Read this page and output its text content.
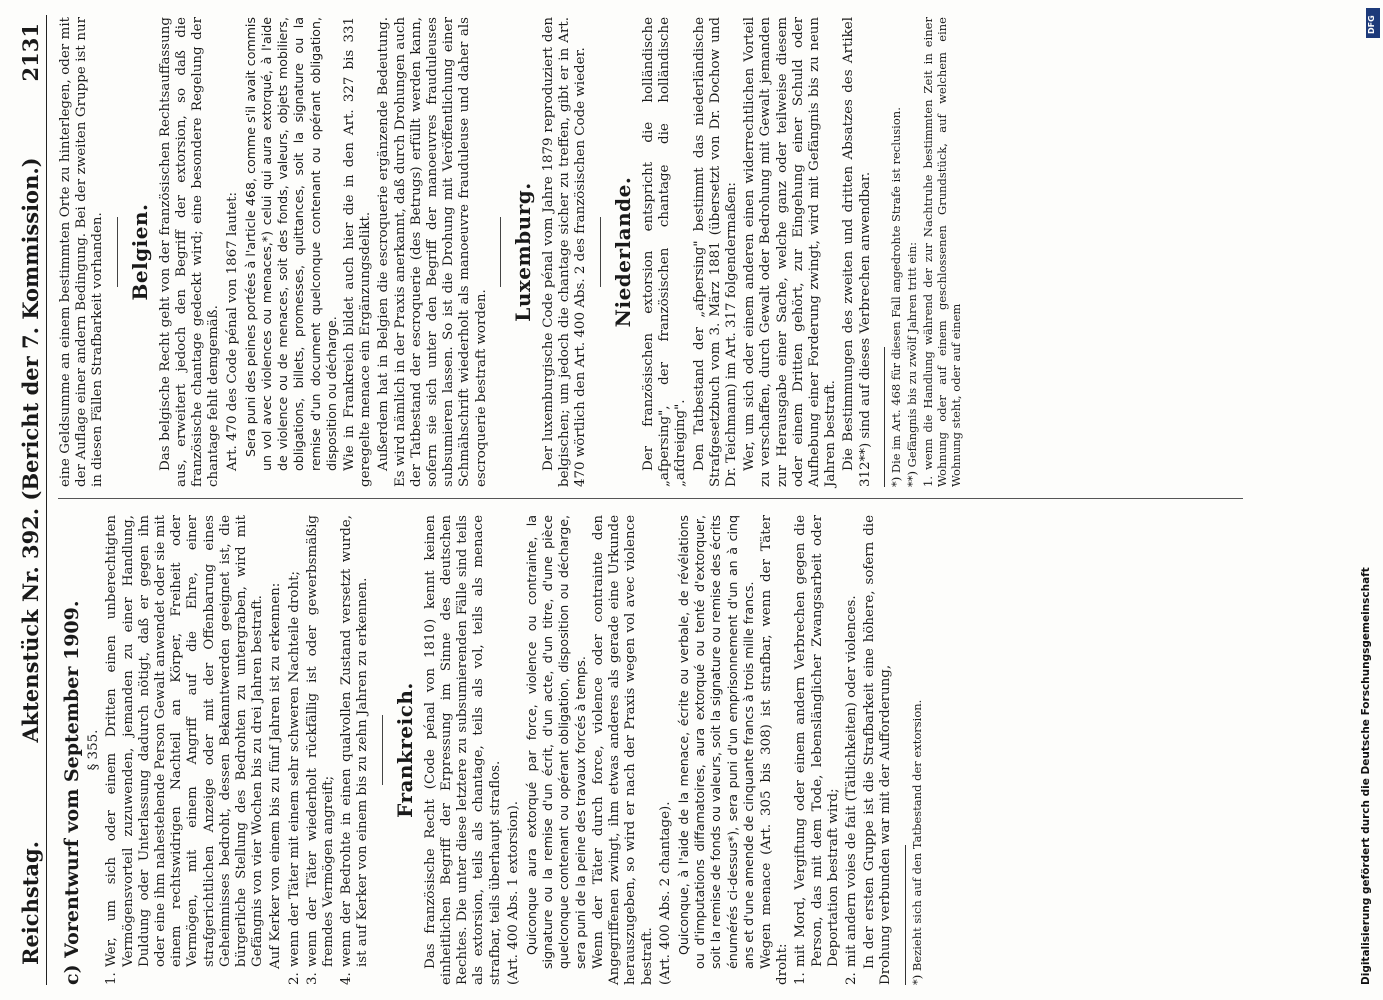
Reichstag.
Aktenstück Nr. 392. (Bericht der 7. Kommission.)
2131
c) Vorentwurf vom September 1909. § 355.

1.
Wer, um sich oder einem Dritten einen unberechtigten Vermögensvorteil zuzuwenden, jemanden zu einer Handlung, Duldung oder Unterlassung dadurch nötigt, daß er gegen ihn oder eine ihm nahestehende Person Gewalt anwendet oder sie mit einem rechtswidrigen Nachteil an Körper, Freiheit oder Vermögen, mit einem Angriff auf die Ehre, einer strafgerichtlichen Anzeige oder mit der Offenbarung eines Geheimnisses bedroht, dessen Bekanntwerden geeignet ist, die bürgerliche Stellung des Bedrohten zu untergraben, wird mit Gefängnis von vier Wochen bis zu drei Jahren bestraft. Auf Kerker von einem bis zu fünf Jahren ist zu erkennen:

2.
wenn der Täter mit einem sehr schweren Nachteile droht;
3.
wenn der Täter wiederholt rückfällig ist oder gewerbsmäßig fremdes Vermögen angreift;
4.
wenn der Bedrohte in einen qualvollen Zustand versetzt wurde, ist auf Kerker von einem bis zu zehn Jahren zu erkennen. Frankreich. Das französische Recht (Code pénal von 1810) kennt keinen einheitlichen Begriff der Erpressung im Sinne des deutschen Rechtes. Die unter diese letztere zu subsumierenden Fälle sind teils als extorsion, teils als chantage, teils als vol, teils als menace strafbar, teils überhaupt straflos. (Art. 400 Abs. 1 extorsion). Quiconque aura extorqué par force, violence ou contrainte, la signature ou la remise d'un écrit, d'un acte, d'un titre, d'une pièce quelconque contenant ou opérant obligation, disposition ou décharge, sera puni de la peine des travaux forcés à temps. Wenn der Täter durch force, violence oder contrainte den Angegriffenen zwingt, ihm etwas anderes als gerade eine Urkunde herauszugeben, so wird er nach der Praxis wegen vol avec violence bestraft. (Art. 400 Abs. 2 chantage). Quiconque, à l'aide de la menace, écrite ou verbale, de révélations ou d'imputations diffamatoires, aura extorqué ou tenté d'extorquer, soit la remise de fonds ou valeurs, soit la signature ou remise des écrits énumérés ci-dessus*), sera puni d'un emprisonnement d'un an à cinq ans et d'une amende de cinquante francs à trois mille francs. Wegen menace (Art. 305 bis 308) ist strafbar, wenn der Täter droht: 1.
mit Mord, Vergiftung oder einem andern Verbrechen gegen die Person, das mit dem Tode, lebenslänglicher Zwangsarbeit oder Deportation bestraft wird;
2.
mit andern voies de fait (Tätlichkeiten) oder violences. In der ersten Gruppe ist die Strafbarkeit eine höhere, sofern die Drohung verbunden war mit der Aufforderung, *) Bezieht sich auf den Tatbestand der extorsion.

eine Geldsumme an einem bestimmten Orte zu hinterlegen, oder mit der Auflage einer andern Bedingung. Bei der zweiten Gruppe ist nur in diesen Fällen Strafbarkeit vorhanden. Belgien. Das belgische Recht geht von der französischen Rechtsauffassung aus, erweitert jedoch den Begriff der extorsion, so daß die französische chantage gedeckt wird; eine besondere Regelung der chantage fehlt demgemäß. Art. 470 des Code pénal von 1867 lautet: Sera puni des peines portées à l'article 468, comme s'il avait commis un vol avec violences ou menaces,*) celui qui aura extorqué, à l'aide de violence ou de menaces, soit des fonds, valeurs, objets mobiliers, obligations, billets, promesses, quittances, soit la signature ou la remise d'un document quelconque contenant ou opérant obligation, disposition ou décharge. Wie in Frankreich bildet auch hier die in den Art. 327 bis 331 geregelte menace ein Ergänzungsdelikt. Außerdem hat in Belgien die escroquerie ergänzende Bedeutung. Es wird nämlich in der Praxis anerkannt, daß durch Drohungen auch der Tatbestand der escroquerie (des Betrugs) erfüllt werden kann, sofern sie sich unter den Begriff der manoeuvres frauduleuses subsumieren lassen. So ist die Drohung mit Veröffentlichung einer Schmähschrift wiederholt als manoeuvre frauduleuse und daher als escroquerie bestraft worden.

Luxemburg. Der luxemburgische Code pénal vom Jahre 1879 reproduziert den belgischen; um jedoch die chantage sicher zu treffen, gibt er in Art. 470 wörtlich den Art. 400 Abs. 2 des französischen Code wieder. Niederlande. Der französischen extorsion entspricht die holländische „afpersing", der französischen chantage die holländische „afdreiging". Den Tatbestand der „afpersing" bestimmt das niederländische Strafgesetzbuch vom 3. März 1881 (übersetzt von Dr. Dochow und Dr. Teichmann) im Art. 317 folgendermaßen: Wer, um sich oder einem anderen einen widerrechtlichen Vorteil zu verschaffen, durch Gewalt oder Bedrohung mit Gewalt jemanden zur Herausgabe einer Sache, welche ganz oder teilweise diesem oder einem Dritten gehört, zur Eingehung einer Schuld oder Aufhebung einer Forderung zwingt, wird mit Gefängnis bis zu neun Jahren bestraft. Die Bestimmungen des zweiten und dritten Absatzes des Artikel 312**) sind auf dieses Verbrechen anwendbar. *) Die im Art. 468 für diesen Fall angedrohte Strafe ist reclusion. **) Gefängnis bis zu zwölf Jahren tritt ein: 1. wenn die Handlung während der zur Nachtruhe bestimmten Zeit in einer Wohnung oder auf einem geschlossenen Grundstück, auf welchem eine Wohnung steht, oder auf einem

Digitalisierung gefördert durch die Deutsche Forschungsgemeinschaft
DFG
